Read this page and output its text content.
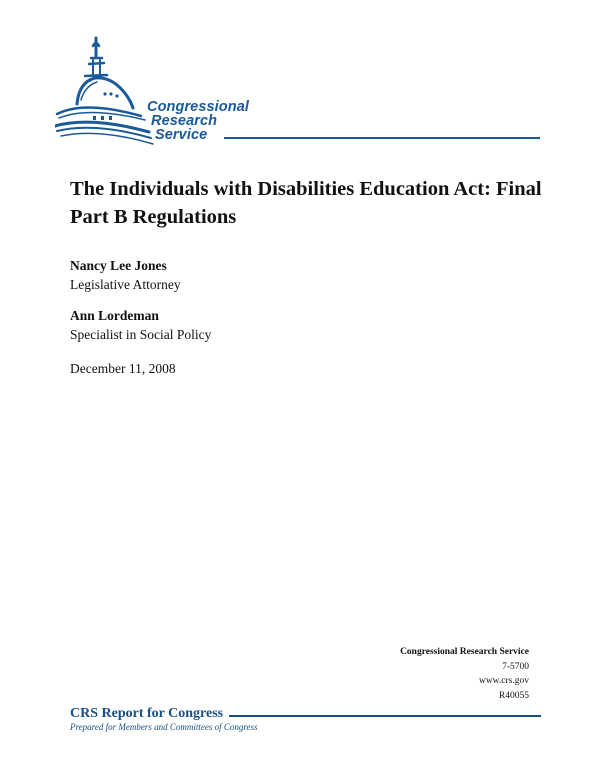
Congressional
Research
Service
The Individuals with Disabilities Education Act: Final Part B Regulations
Nancy Lee Jones
Legislative Attorney
Ann Lordeman
Specialist in Social Policy
December 11, 2008
Congressional Research Service
7-5700
www.crs.gov
R40055
CRS Report for Congress
Prepared for Members and Committees of Congress
